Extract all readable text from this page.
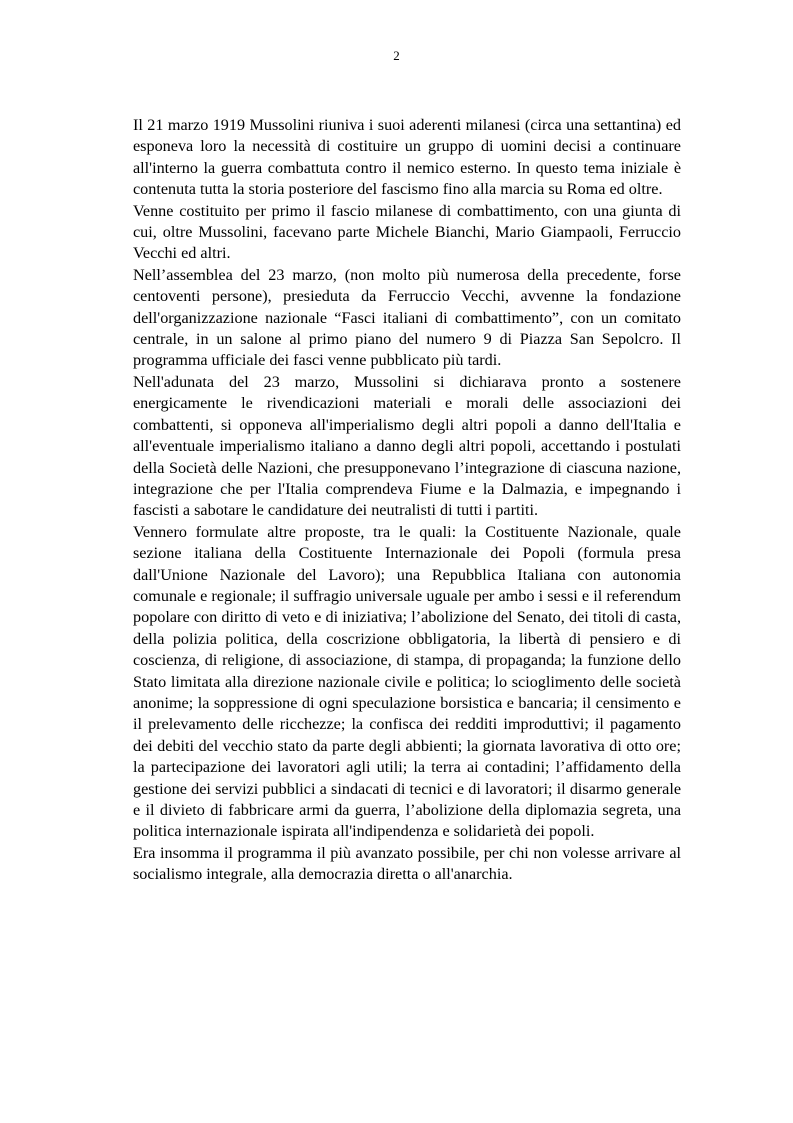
2

Il 21 marzo 1919 Mussolini riuniva i suoi aderenti milanesi (circa una settantina) ed esponeva loro la necessità di costituire un gruppo di uomini decisi a continuare all'interno la guerra combattuta contro il nemico esterno. In questo tema iniziale è contenuta tutta la storia posteriore del fascismo fino alla marcia su Roma ed oltre.

Venne costituito per primo il fascio milanese di combattimento, con una giunta di cui, oltre Mussolini, facevano parte Michele Bianchi, Mario Giampaoli, Ferruccio Vecchi ed altri.

Nell’assemblea del 23 marzo, (non molto più numerosa della precedente, forse centoventi persone), presieduta da Ferruccio Vecchi, avvenne la fondazione dell'organizzazione nazionale “Fasci italiani di combattimento”, con un comitato centrale, in un salone al primo piano del numero 9 di Piazza San Sepolcro. Il programma ufficiale dei fasci venne pubblicato più tardi.

Nell'adunata del 23 marzo, Mussolini si dichiarava pronto a sostenere energicamente le rivendicazioni materiali e morali delle associazioni dei combattenti, si opponeva all'imperialismo degli altri popoli a danno dell'Italia e all'eventuale imperialismo italiano a danno degli altri popoli, accettando i postulati della Società delle Nazioni, che presupponevano l’integrazione di ciascuna nazione, integrazione che per l'Italia comprendeva Fiume e la Dalmazia, e impegnando i fascisti a sabotare le candidature dei neutralisti di tutti i partiti.

Vennero formulate altre proposte, tra le quali: la Costituente Nazionale, quale sezione italiana della Costituente Internazionale dei Popoli (formula presa dall'Unione Nazionale del Lavoro); una Repubblica Italiana con autonomia comunale e regionale; il suffragio universale uguale per ambo i sessi e il referendum popolare con diritto di veto e di iniziativa; l’abolizione del Senato, dei titoli di casta, della polizia politica, della coscrizione obbligatoria, la libertà di pensiero e di coscienza, di religione, di associazione, di stampa, di propaganda; la funzione dello Stato limitata alla direzione nazionale civile e politica; lo scioglimento delle società anonime; la soppressione di ogni speculazione borsistica e bancaria; il censimento e il prelevamento delle ricchezze; la confisca dei redditi improduttivi; il pagamento dei debiti del vecchio stato da parte degli abbienti; la giornata lavorativa di otto ore; la partecipazione dei lavoratori agli utili; la terra ai contadini; l’affidamento della gestione dei servizi pubblici a sindacati di tecnici e di lavoratori; il disarmo generale e il divieto di fabbricare armi da guerra, l’abolizione della diplomazia segreta, una politica internazionale ispirata all'indipendenza e solidarietà dei popoli.

Era insomma il programma il più avanzato possibile, per chi non volesse arrivare al socialismo integrale, alla democrazia diretta o all'anarchia.
